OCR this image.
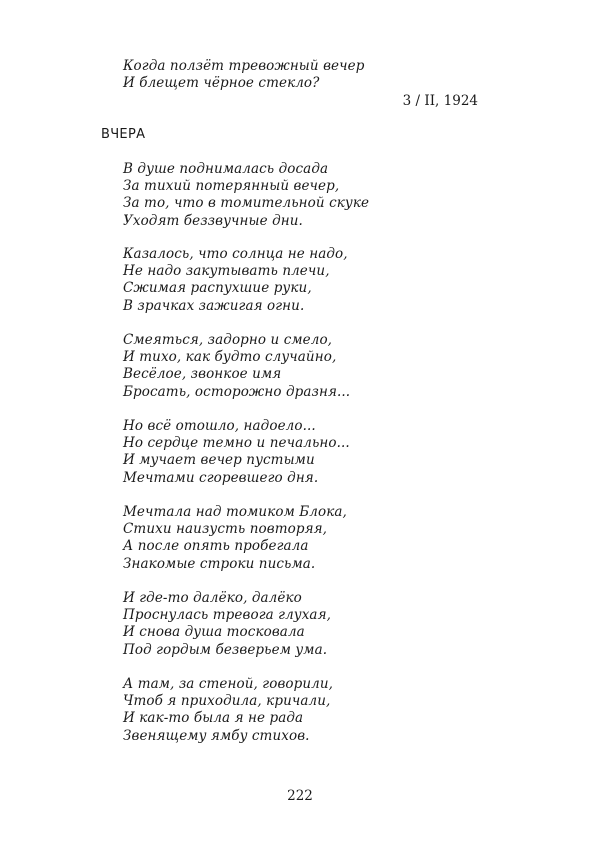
Когда ползёт тревожный вечер
И блещет чёрное стекло?
3 / II, 1924
ВЧЕРА
В душе поднималась досада
За тихий потерянный вечер,
За то, что в томительной скуке
Уходят беззвучные дни.
Казалось, что солнца не надо,
Не надо закутывать плечи,
Сжимая распухшие руки,
В зрачках зажигая огни.
Смеяться, задорно и смело,
И тихо, как будто случайно,
Весёлое, звонкое имя
Бросать, осторожно дразня...
Но всё отошло, надоело...
Но сердце темно и печально...
И мучает вечер пустыми
Мечтами сгоревшего дня.
Мечтала над томиком Блока,
Стихи наизусть повторяя,
А после опять пробегала
Знакомые строки письма.
И где-то далёко, далёко
Проснулась тревога глухая,
И снова душа тосковала
Под гордым безверьем ума.
А там, за стеной, говорили,
Чтоб я приходила, кричали,
И как-то была я не рада
Звенящему ямбу стихов.
222
